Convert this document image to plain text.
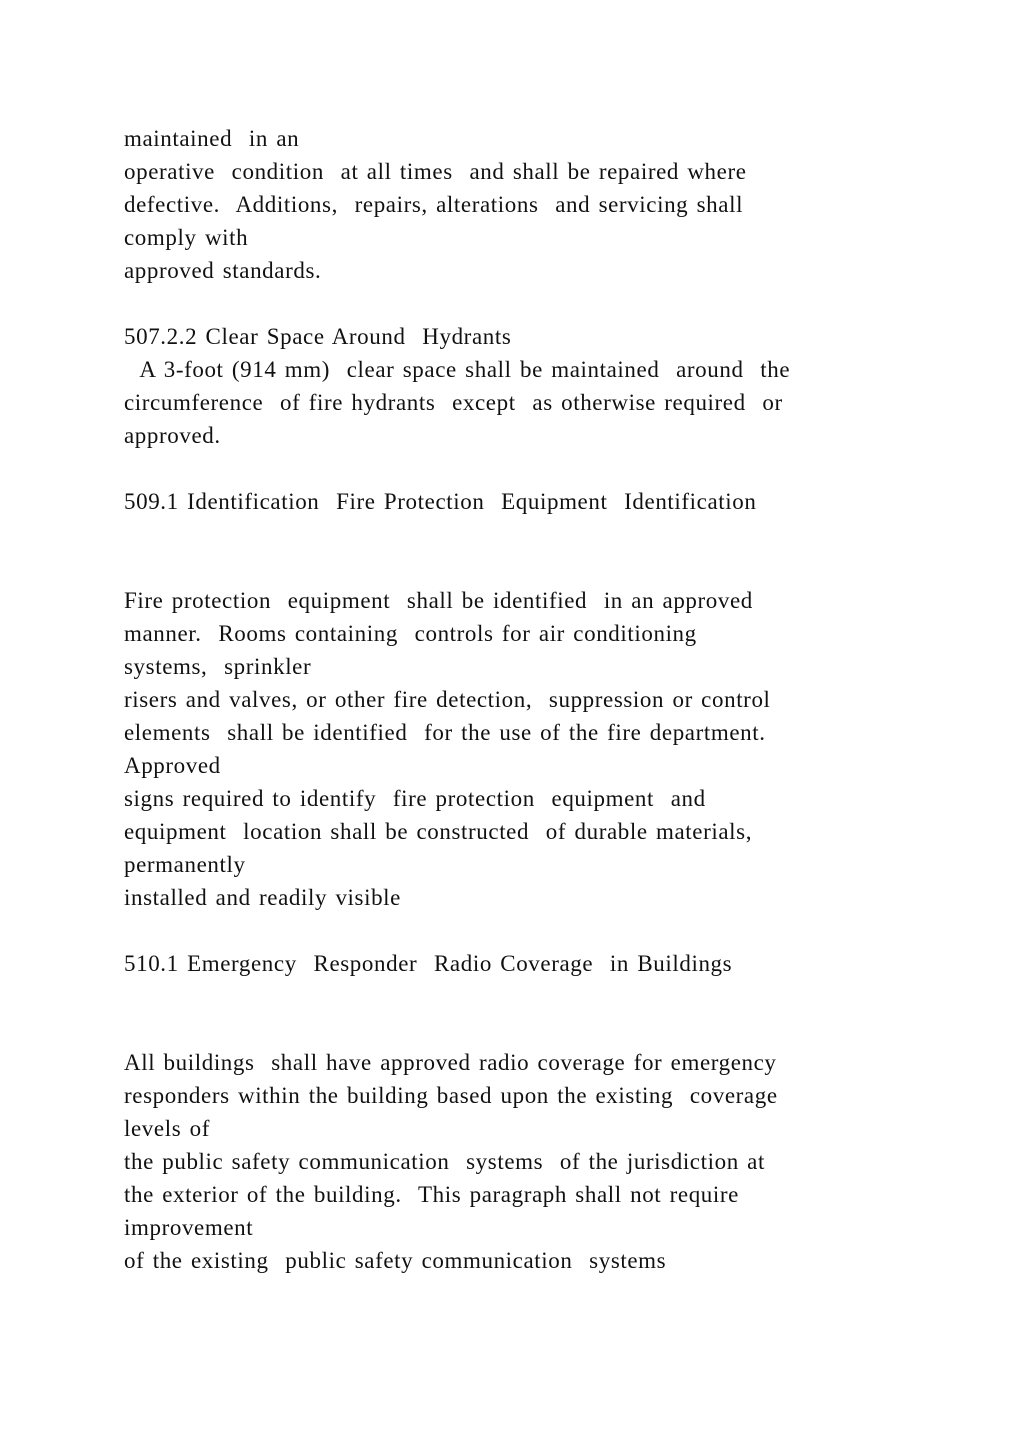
maintained  in an
operative  condition  at all times  and shall be repaired where
defective.  Additions,  repairs, alterations  and servicing shall
comply with
approved standards.
507.2.2 Clear Space Around  Hydrants
A 3-foot (914 mm)  clear space shall be maintained  around  the
circumference  of fire hydrants  except  as otherwise required  or
approved.
509.1 Identification  Fire Protection  Equipment  Identification
Fire protection  equipment  shall be identified  in an approved
manner.  Rooms containing  controls for air conditioning
systems,  sprinkler
risers and valves, or other fire detection,  suppression or control
elements  shall be identified  for the use of the fire department.
Approved
signs required to identify  fire protection  equipment  and
equipment  location shall be constructed  of durable materials,
permanently
installed and readily visible
510.1 Emergency  Responder  Radio Coverage  in Buildings
All buildings  shall have approved radio coverage for emergency
responders within the building based upon the existing  coverage
levels of
the public safety communication  systems  of the jurisdiction at
the exterior of the building.  This paragraph shall not require
improvement
of the existing  public safety communication  systems
